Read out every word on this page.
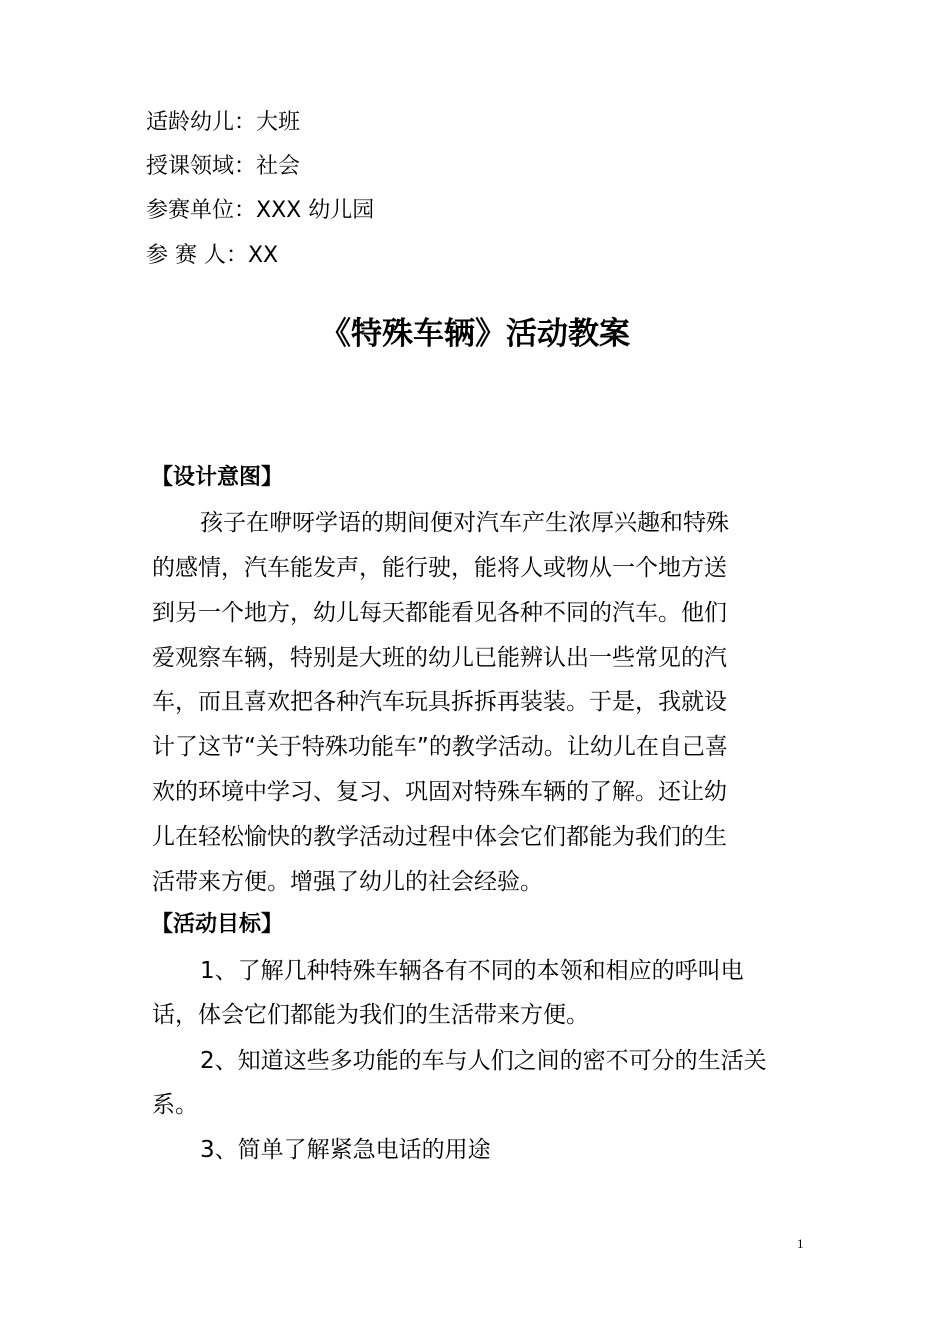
适龄幼儿：大班
授课领域：社会
参赛单位：XXX 幼儿园
参 赛 人：XX
《特殊车辆》活动教案
【设计意图】
孩子在咿呀学语的期间便对汽车产生浓厚兴趣和特殊
的感情，汽车能发声，能行驶，能将人或物从一个地方送
到另一个地方，幼儿每天都能看见各种不同的汽车。他们
爱观察车辆，特别是大班的幼儿已能辨认出一些常见的汽
车，而且喜欢把各种汽车玩具拆拆再装装。于是，我就设
计了这节“关于特殊功能车”的教学活动。让幼儿在自己喜
欢的环境中学习、复习、巩固对特殊车辆的了解。还让幼
儿在轻松愉快的教学活动过程中体会它们都能为我们的生
活带来方便。增强了幼儿的社会经验。
【活动目标】
1、了解几种特殊车辆各有不同的本领和相应的呼叫电
话，体会它们都能为我们的生活带来方便。
2、知道这些多功能的车与人们之间的密不可分的生活关
系。
3、简单了解紧急电话的用途
1
